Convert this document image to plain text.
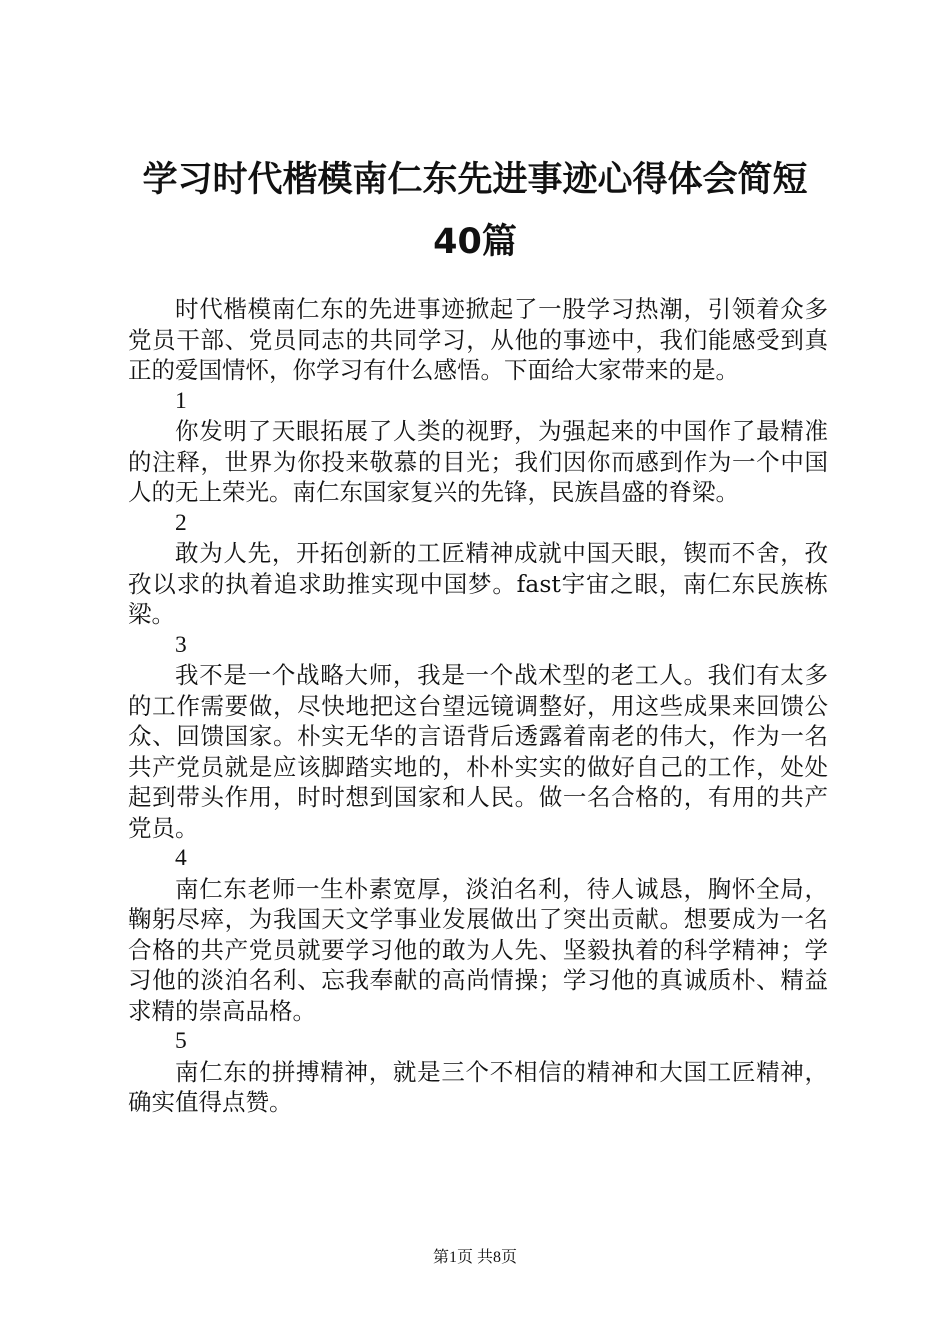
学习时代楷模南仁东先进事迹心得体会简短
40篇

时代楷模南仁东的先进事迹掀起了一股学习热潮，引领着众多党员干部、党员同志的共同学习，从他的事迹中，我们能感受到真正的爱国情怀，你学习有什么感悟。下面给大家带来的是。

1

你发明了天眼拓展了人类的视野，为强起来的中国作了最精准的注释，世界为你投来敬慕的目光；我们因你而感到作为一个中国人的无上荣光。南仁东国家复兴的先锋，民族昌盛的脊梁。

2

敢为人先，开拓创新的工匠精神成就中国天眼，锲而不舍，孜孜以求的执着追求助推实现中国梦。fast宇宙之眼，南仁东民族栋梁。

3

我不是一个战略大师，我是一个战术型的老工人。我们有太多的工作需要做，尽快地把这台望远镜调整好，用这些成果来回馈公众、回馈国家。朴实无华的言语背后透露着南老的伟大，作为一名共产党员就是应该脚踏实地的，朴朴实实的做好自己的工作，处处起到带头作用，时时想到国家和人民。做一名合格的，有用的共产党员。

4

南仁东老师一生朴素宽厚，淡泊名利，待人诚恳，胸怀全局，鞠躬尽瘁，为我国天文学事业发展做出了突出贡献。想要成为一名合格的共产党员就要学习他的敢为人先、坚毅执着的科学精神；学习他的淡泊名利、忘我奉献的高尚情操；学习他的真诚质朴、精益求精的崇高品格。

5

南仁东的拼搏精神，就是三个不相信的精神和大国工匠精神，确实值得点赞。

第1页 共8页
